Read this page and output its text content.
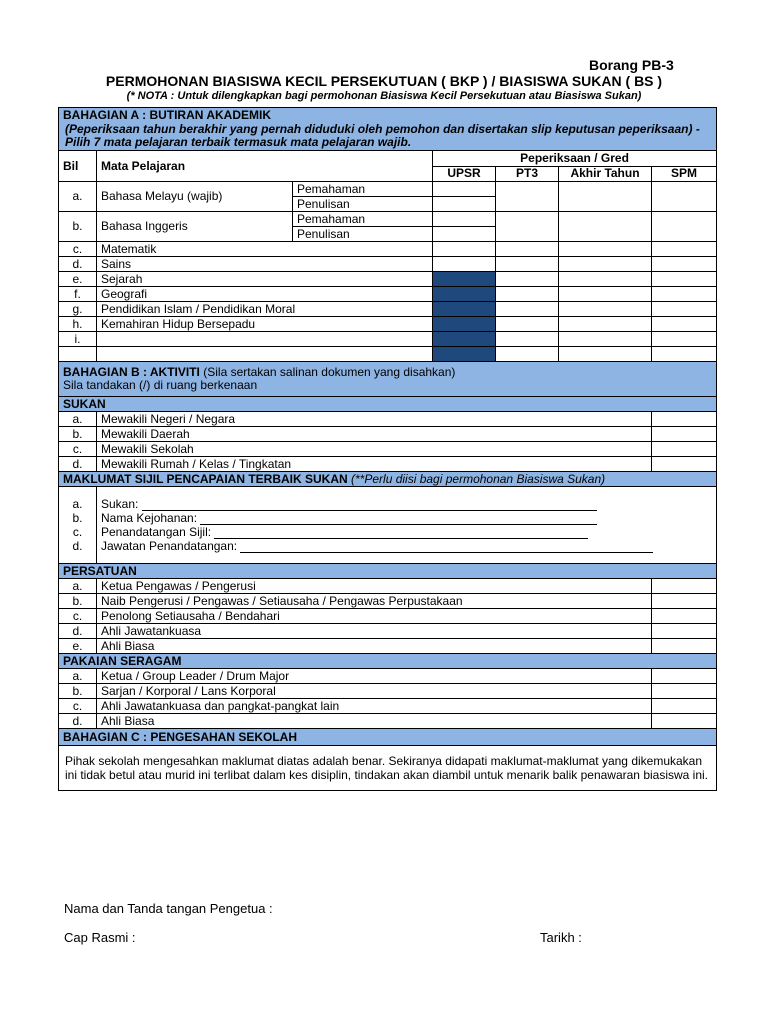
Borang PB-3
PERMOHONAN BIASISWA KECIL PERSEKUTUAN ( BKP ) / BIASISWA SUKAN ( BS )
(* NOTA : Untuk dilengkapkan bagi permohonan Biasiswa Kecil Persekutuan atau Biasiswa Sukan)
BAHAGIAN A : BUTIRAN AKADEMIK						

(Peperiksaan tahun berakhir yang pernah diduduki oleh pemohon dan disertakan slip keputusan peperiksaan) -
Pilih 7 mata pelajaran terbaik termasuk mata pelajaran wajib.						

Bil	Mata Pelajaran		Peperiksaan / Gred			
			UPSR	PT3	Akhir Tahun	SPM
a.	Bahasa Melayu (wajib)	Pemahaman				
		Penulisan				
b.	Bahasa Inggeris	Pemahaman				
		Penulisan				
c.	Matematik					
d.	Sains					
e.	Sejarah					
f.	Geografi					
g.	Pendidikan Islam / Pendidikan Moral					
h.	Kemahiran Hidup Bersepadu					
i.						

BAHAGIAN B : AKTIVITI (Sila sertakan salinan dokumen yang disahkan)
Sila tandakan (/) di ruang berkenaan						

SUKAN						
a.	Mewakili Negeri / Negara					
b.	Mewakili Daerah					
c.	Mewakili Sekolah					
d.	Mewakili Rumah / Kelas / Tingkatan					
MAKLUMAT SIJIL PENCAPAIAN TERBAIK SUKAN (**Perlu diisi bagi permohonan Biasiswa Sukan)						
a.	Sukan:					
b.	Nama Kejohanan:					
c.	Penandatangan Sijil:					
d.	Jawatan Penandatangan:					
PERSATUAN						
a.	Ketua Pengawas / Pengerusi					
b.	Naib Pengerusi / Pengawas / Setiausaha / Pengawas Perpustakaan					
c.	Penolong Setiausaha / Bendahari					
d.	Ahli Jawatankuasa					
e.	Ahli Biasa					
PAKAIAN SERAGAM						
a.	Ketua / Group Leader / Drum Major					
b.	Sarjan / Korporal / Lans Korporal					
c.	Ahli Jawatankuasa dan pangkat-pangkat lain					
d.	Ahli Biasa					
BAHAGIAN C : PENGESAHAN SEKOLAH						
Pihak sekolah mengesahkan maklumat diatas adalah benar. Sekiranya didapati maklumat-maklumat yang dikemukakan ini tidak betul atau murid ini terlibat dalam kes disiplin, tindakan akan diambil untuk menarik balik penawaran biasiswa ini.						
Nama dan Tanda tangan Pengetua :
Cap Rasmi :	Tarikh :
